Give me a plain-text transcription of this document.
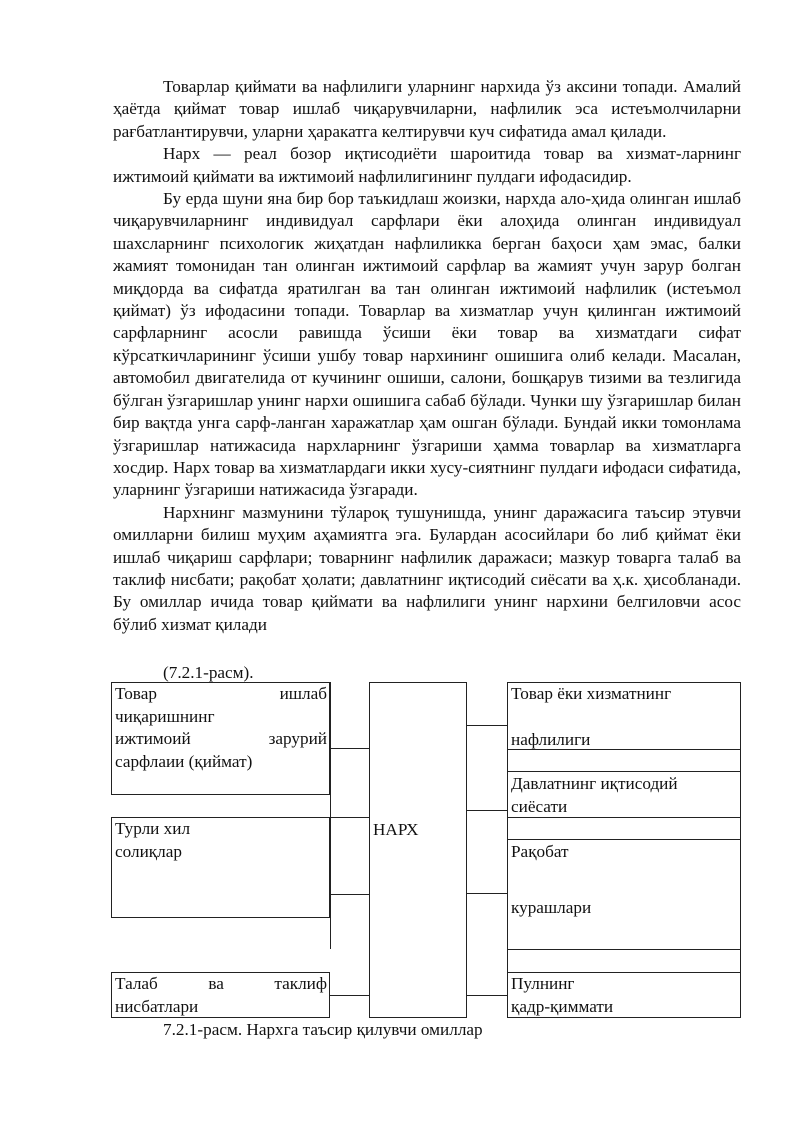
Товарлар қиймати ва нафлилиги уларнинг нархида ўз аксини топади. Амалий ҳаётда қиймат товар ишлаб чиқарувчиларни, нафлилик эса истеъмолчиларни рағбатлантирувчи, уларни ҳаракатга келтирувчи куч сифатида амал қилади.

Нарх — реал бозор иқтисодиёти шароитида товар ва хизмат-ларнинг ижтимоий қиймати ва ижтимоий нафлилигининг пулдаги ифодасидир.

Бу ерда шуни яна бир бор таъкидлаш жоизки, нархда ало-ҳида олинган ишлаб чиқарувчиларнинг индивидуал сарфлари ёки алоҳида олинган индивидуал шахсларнинг психологик жиҳатдан нафлиликка берган баҳоси ҳам эмас, балки жамият томонидан тан олинган ижтимоий сарфлар ва жамият учун зарур болган миқдорда ва сифатда яратилган ва тан олинган ижтимоий нафлилик (истеъмол қиймат) ўз ифодасини топади. Товарлар ва хизматлар учун қилинган ижтимоий сарфларнинг асосли равишда ўсиши ёки товар ва хизматдаги сифат кўрсаткичларининг ўсиши ушбу товар нархининг ошишига олиб келади. Масалан, автомобил двигателида от кучининг ошиши, салони, бошқарув тизими ва тезлигида бўлган ўзгаришлар унинг нархи ошишига сабаб бўлади. Чунки шу ўзгаришлар билан бир вақтда унга сарф-ланган харажатлар ҳам ошган бўлади. Бундай икки томонлама ўзгаришлар натижасида нархларнинг ўзгариши ҳамма товарлар ва хизматларга хосдир. Нарх товар ва хизматлардаги икки хусу-сиятнинг пулдаги ифодаси сифатида, уларнинг ўзгариши натижасида ўзгаради.

Нархнинг мазмунини тўлароқ тушунишда, унинг даражасига таъсир этувчи омилларни билиш муҳим аҳамиятга эга. Булардан асосийлари бо либ қиймат ёки ишлаб чиқариш сарфлари; товарнинг нафлилик даражаси; мазкур товарга талаб ва таклиф нисбати; рақобат ҳолати; давлатнинг иқтисодий сиёсати ва ҳ.к. ҳисобланади. Бу омиллар ичида товар қиймати ва нафлилиги унинг нархини белгиловчи асос бўлиб хизмат қилади

(7.2.1-расм).
Товар	ишлаб
чиқаришнинг
ижтимоий	зарурий
сарфлаии (қиймат)
Турли хил
солиқлар
Талаб	ва	таклиф
нисбатлари
НАРХ
Товар ёки хизматнинг
нафлилиги
Давлатнинг иқтисодий
сиёсати
Рақобат
курашлари
Пулнинг
қадр-қиммати
7.2.1-расм. Нархга таъсир қилувчи омиллар
